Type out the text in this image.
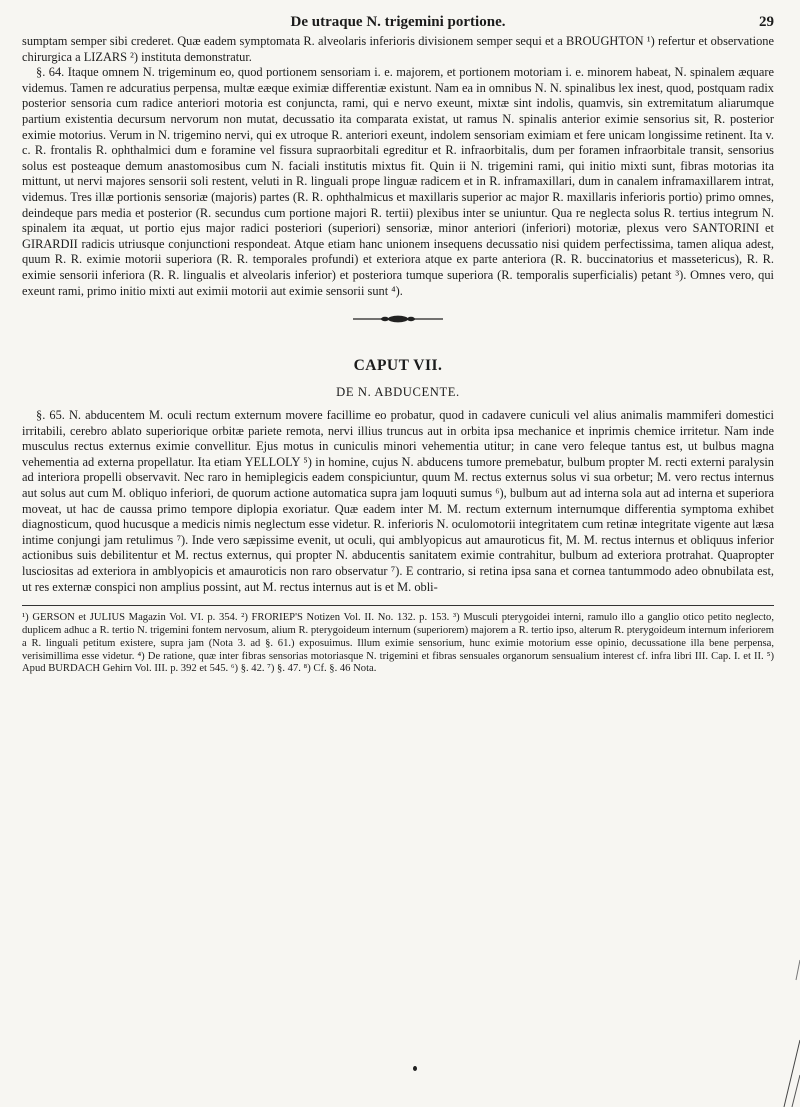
De utraque N. trigemini portione.	29

sumptam semper sibi crederet. Quæ eadem symptomata R. alveolaris inferioris divisionem semper sequi et a BROUGHTON ¹) refertur et observatione chirurgica a LIZARS ²) instituta demonstratur.

§. 64. Itaque omnem N. trigeminum eo, quod portionem sensoriam i. e. majorem, et portionem motoriam i. e. minorem habeat, N. spinalem æquare videmus. Tamen re adcuratius perpensa, multæ eæque eximiæ differentiæ existunt. Nam ea in omnibus N. N. spinalibus lex inest, quod, postquam radix posterior sensoria cum radice anteriori motoria est conjuncta, rami, qui e nervo exeunt, mixtæ sint indolis, quamvis, sin extremitatum aliarumque partium existentia decursum nervorum non mutat, decussatio ita comparata existat, ut ramus N. spinalis anterior eximie sensorius sit, R. posterior eximie motorius. Verum in N. trigemino nervi, qui ex utroque R. anteriori exeunt, indolem sensoriam eximiam et fere unicam longissime retinent. Ita v. c. R. frontalis R. ophthalmici dum e foramine vel fissura supraorbitali egreditur et R. infraorbitalis, dum per foramen infraorbitale transit, sensorius solus est posteaque demum anastomosibus cum N. faciali institutis mixtus fit. Quin ii N. trigemini rami, qui initio mixti sunt, fibras motorias ita mittunt, ut nervi majores sensorii soli restent, veluti in R. linguali prope linguæ radicem et in R. inframaxillari, dum in canalem inframaxillarem intrat, videmus. Tres illæ portionis sensoriæ (majoris) partes (R. R. ophthalmicus et maxillaris superior ac major R. maxillaris inferioris portio) primo omnes, deindeque pars media et posterior (R. secundus cum portione majori R. tertii) plexibus inter se uniuntur. Qua re neglecta solus R. tertius integrum N. spinalem ita æquat, ut portio ejus major radici posteriori (superiori) sensoriæ, minor anteriori (inferiori) motoriæ, plexus vero SANTORINI et GIRARDII radicis utriusque conjunctioni respondeat. Atque etiam hanc unionem insequens decussatio nisi quidem perfectissima, tamen aliqua adest, quum R. R. eximie motorii superiora (R. R. temporales profundi) et exteriora atque ex parte anteriora (R. R. buccinatorius et massetericus), R. R. eximie sensorii inferiora (R. R. lingualis et alveolaris inferior) et posteriora tumque superiora (R. temporalis superficialis) petant ³). Omnes vero, qui exeunt rami, primo initio mixti aut eximii motorii aut eximie sensorii sunt ⁴).

CAPUT VII.
DE N. ABDUCENTE.

§. 65. N. abducentem M. oculi rectum externum movere facillime eo probatur, quod in cadavere cuniculi vel alius animalis mammiferi domestici irritabili, cerebro ablato superiorique orbitæ pariete remota, nervi illius truncus aut in orbita ipsa mechanice et inprimis chemice irritetur. Nam inde musculus rectus externus eximie convellitur. Ejus motus in cuniculis minori vehementia utitur; in cane vero feleque tantus est, ut bulbus magna vehementia ad externa propellatur. Ita etiam YELLOLY ⁵) in homine, cujus N. abducens tumore premebatur, bulbum propter M. recti externi paralysin ad interiora propelli observavit. Nec raro in hemiplegicis eadem conspiciuntur, quum M. rectus externus solus vi sua orbetur; M. vero rectus internus aut solus aut cum M. obliquo inferiori, de quorum actione automatica supra jam loquuti sumus ⁶), bulbum aut ad interna sola aut ad interna et superiora moveat, ut hac de caussa primo tempore diplopia exoriatur. Quæ eadem inter M. M. rectum externum internumque differentia symptoma exhibet diagnosticum, quod hucusque a medicis nimis neglectum esse videtur. R. inferioris N. oculomotorii integritatem cum retinæ integritate vigente aut læsa intime conjungi jam retulimus ⁷). Inde vero sæpissime evenit, ut oculi, qui amblyopicus aut amauroticus fit, M. M. rectus internus et obliquus inferior actionibus suis debilitentur et M. rectus externus, qui propter N. abducentis sanitatem eximie contrahitur, bulbum ad exteriora protrahat. Quapropter lusciositas ad exteriora in amblyopicis et amauroticis non raro observatur ⁷). E contrario, si retina ipsa sana et cornea tantummodo adeo obnubilata est, ut res externæ conspici non amplius possint, aut M. rectus internus aut is et M. obli-

¹) GERSON et JULIUS Magazin Vol. VI. p. 354. ²) FRORIEP'S Notizen Vol. II. No. 132. p. 153. ³) Musculi pterygoidei interni, ramulo illo a ganglio otico petito neglecto, duplicem adhuc a R. tertio N. trigemini fontem nervosum, alium R. pterygoideum internum (superiorem) majorem a R. tertio ipso, alterum R. pterygoideum internum inferiorem a R. linguali petitum existere, supra jam (Nota 3. ad §. 61.) exposuimus. Illum eximie sensorium, hunc eximie motorium esse opinio, decussatione illa bene perpensa, verisimillima esse videtur. ⁴) De ratione, quæ inter fibras sensorias motoriasque N. trigemini et fibras sensuales organorum sensualium interest cf. infra libri III. Cap. I. et II. ⁵) Apud BURDACH Gehirn Vol. III. p. 392 et 545. ⁶) §. 42. ⁷) §. 47. ⁸) Cf. §. 46 Nota.
